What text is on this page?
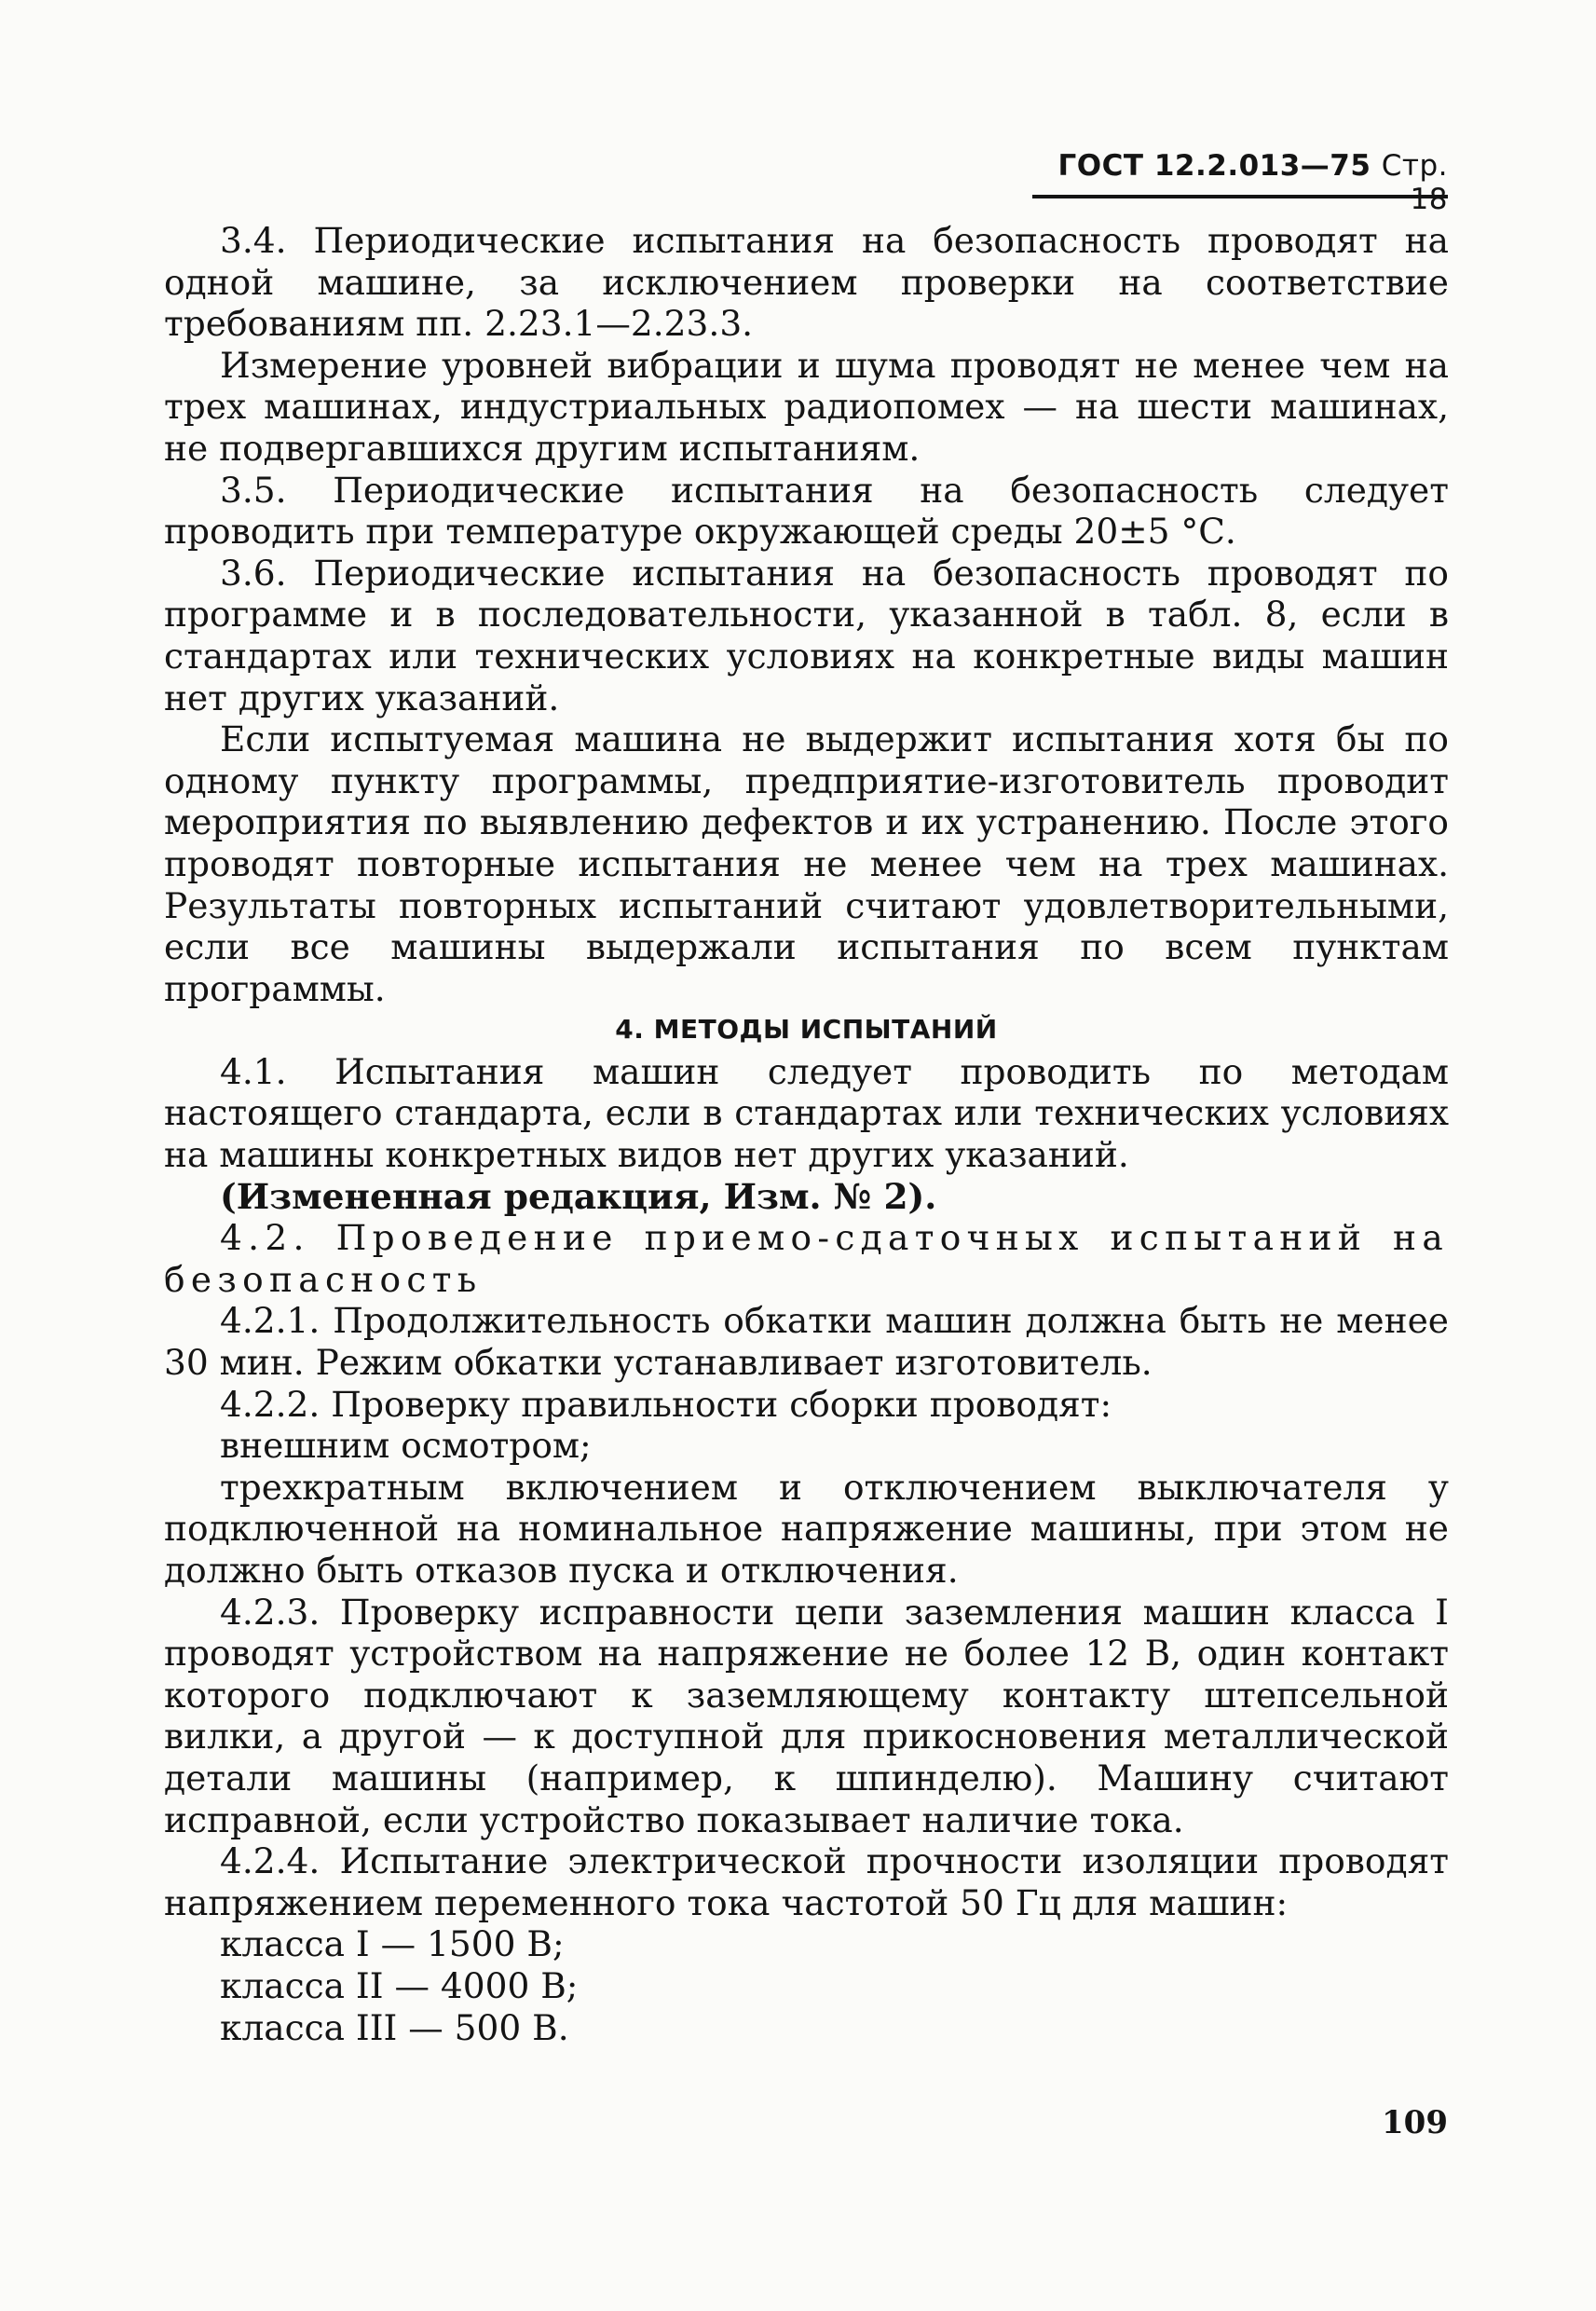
ГОСТ 12.2.013—75 Стр. 18

3.4. Периодические испытания на безопасность проводят на одной машине, за исключением проверки на соответствие требованиям пп. 2.23.1—2.23.3.

Измерение уровней вибрации и шума проводят не менее чем на трех машинах, индустриальных радиопомех — на шести машинах, не подвергавшихся другим испытаниям.

3.5. Периодические испытания на безопасность следует проводить при температуре окружающей среды 20±5 °С.

3.6. Периодические испытания на безопасность проводят по программе и в последовательности, указанной в табл. 8, если в стандартах или технических условиях на конкретные виды машин нет других указаний.

Если испытуемая машина не выдержит испытания хотя бы по одному пункту программы, предприятие-изготовитель проводит мероприятия по выявлению дефектов и их устранению. После этого проводят повторные испытания не менее чем на трех машинах. Результаты повторных испытаний считают удовлетворительными, если все машины выдержали испытания по всем пунктам программы.

4. МЕТОДЫ ИСПЫТАНИЙ

4.1. Испытания машин следует проводить по методам настоящего стандарта, если в стандартах или технических условиях на машины конкретных видов нет других указаний.

(Измененная редакция, Изм. № 2).

4.2. Проведение приемо-сдаточных испытаний на безопасность

4.2.1. Продолжительность обкатки машин должна быть не менее 30 мин. Режим обкатки устанавливает изготовитель.

4.2.2. Проверку правильности сборки проводят:

внешним осмотром;

трехкратным включением и отключением выключателя у подключенной на номинальное напряжение машины, при этом не должно быть отказов пуска и отключения.

4.2.3. Проверку исправности цепи заземления машин класса I проводят устройством на напряжение не более 12 В, один контакт которого подключают к заземляющему контакту штепсельной вилки, а другой — к доступной для прикосновения металлической детали машины (например, к шпинделю). Машину считают исправной, если устройство показывает наличие тока.

4.2.4. Испытание электрической прочности изоляции проводят напряжением переменного тока частотой 50 Гц для машин:

класса I — 1500 В;

класса II — 4000 В;

класса III — 500 В.

109
